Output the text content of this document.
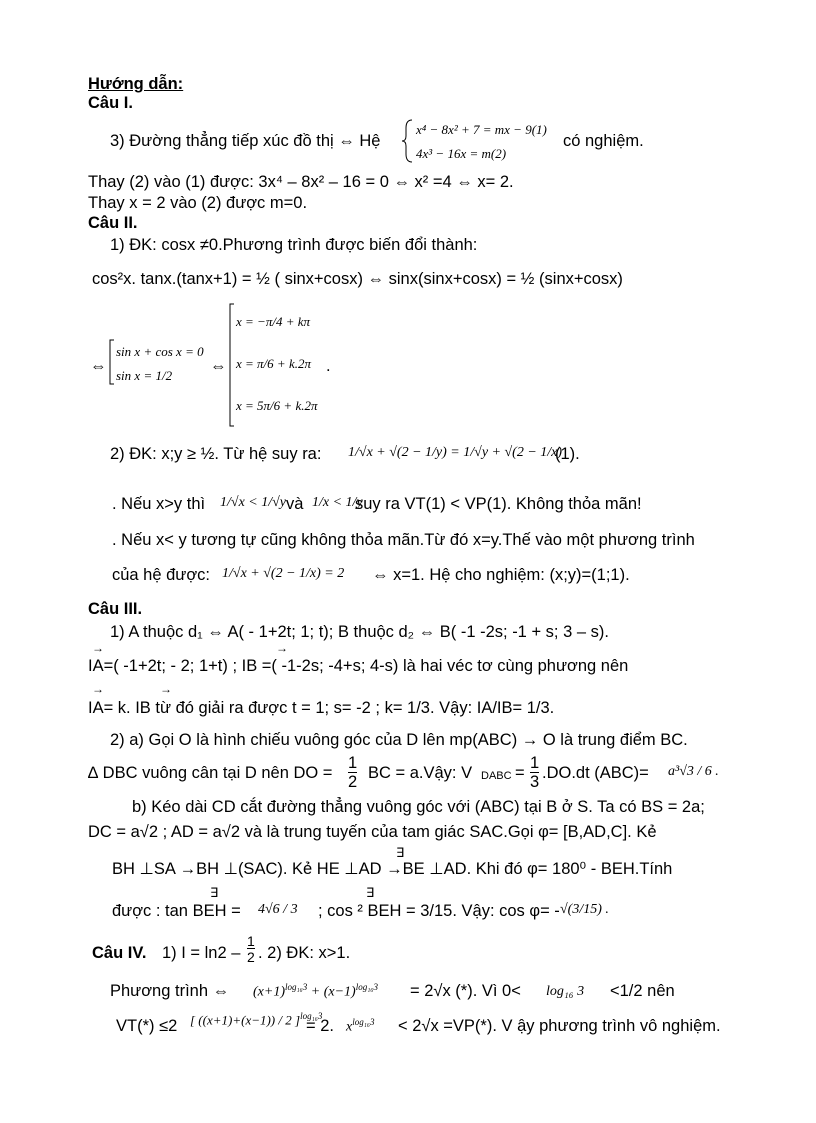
Hướng dẫn:
Câu I.
3) Đường thẳng tiếp xúc đồ thị ⇔ Hệ
x⁴ − 8x² + 7 = mx − 9(1)
4x³ − 16x = m(2)
có nghiệm.
Thay (2) vào (1) được: 3x⁴ – 8x² – 16 = 0 ⇔ x² =4 ⇔ x= 2.
Thay x = 2 vào (2) được m=0.
Câu II.
1) ĐK: cosx ≠0.Phương trình được biến đổi thành:
cos²x. tanx.(tanx+1) = ½ ( sinx+cosx) ⇔ sinx(sinx+cosx) = ½ (sinx+cosx)
⇔
sin x + cos x = 0
sin x = 1/2
⇔
x = −π/4 + kπ
x = π/6 + k.2π
x = 5π/6 + k.2π
.
2) ĐK: x;y ≥ ½. Từ hệ suy ra: 1/√x + √(2 − 1/y) = 1/√y + √(2 − 1/x)
(1).
. Nếu x>y thì 1/√x < 1/√y và 1/x < 1/y
suy ra VT(1) < VP(1). Không thỏa mãn!
. Nếu x< y tương tự cũng không thỏa mãn.Từ đó x=y.Thế vào một phương trình
của hệ được: 1/√x + √(2 − 1/x) = 2 ⇔ x=1. Hệ cho nghiệm: (x;y)=(1;1).
Câu III.
1) A thuộc d₁ ⇔ A( - 1+2t; 1; t); B thuộc d₂ ⇔ B( -1 -2s; -1 + s; 3 – s).
→	→
IA=( -1+2t; - 2; 1+t) ; IB =( -1-2s; -4+s; 4-s) là hai véc tơ cùng phương nên
→	→
IA= k. IB từ đó giải ra được t = 1; s= -2 ; k= 1/3. Vậy: IA/IB= 1/3.
2) a) Gọi O là hình chiếu vuông góc của D lên mp(ABC) → O là trung điểm BC.
∆ DBC vuông cân tại D nên DO =
1
2 BC = a.Vậy: V DABC =
1
3 .DO.dt (ABC)= a³√3 / 6 .
b) Kéo dài CD cắt đường thẳng vuông góc với (ABC) tại B ở S. Ta có BS = 2a;
DC = a√2 ; AD = a√2 và là trung tuyến của tam giác SAC.Gọi φ= [B,AD,C]. Kẻ
∃
BH ⊥SA →BH ⊥(SAC). Kẻ HE ⊥AD →BE ⊥AD. Khi đó φ= 180⁰ - BEH.Tính
∃	∃
được : tan BEH = 4√6 / 3 ; cos ² BEH = 3/15. Vậy: cos φ= - √(3/15) .
Câu IV. 1) I = ln2 –
1
2 . 2) ĐK: x>1.
Phương trình ⇔ $(x+1)^{log_{16}3} + (x-1)^{log_{16}3} = 2√x$ (*). Vì 0< log₁₆ 3 <1/2 nên
VT(*) ≤2 [ ((x+1)+(x−1)) / 2 ]$^{log_{16}3}$
= 2. $x^{log_{16}3} < 2√x =VP(*)$. V ậy phương trình vô nghiệm.
